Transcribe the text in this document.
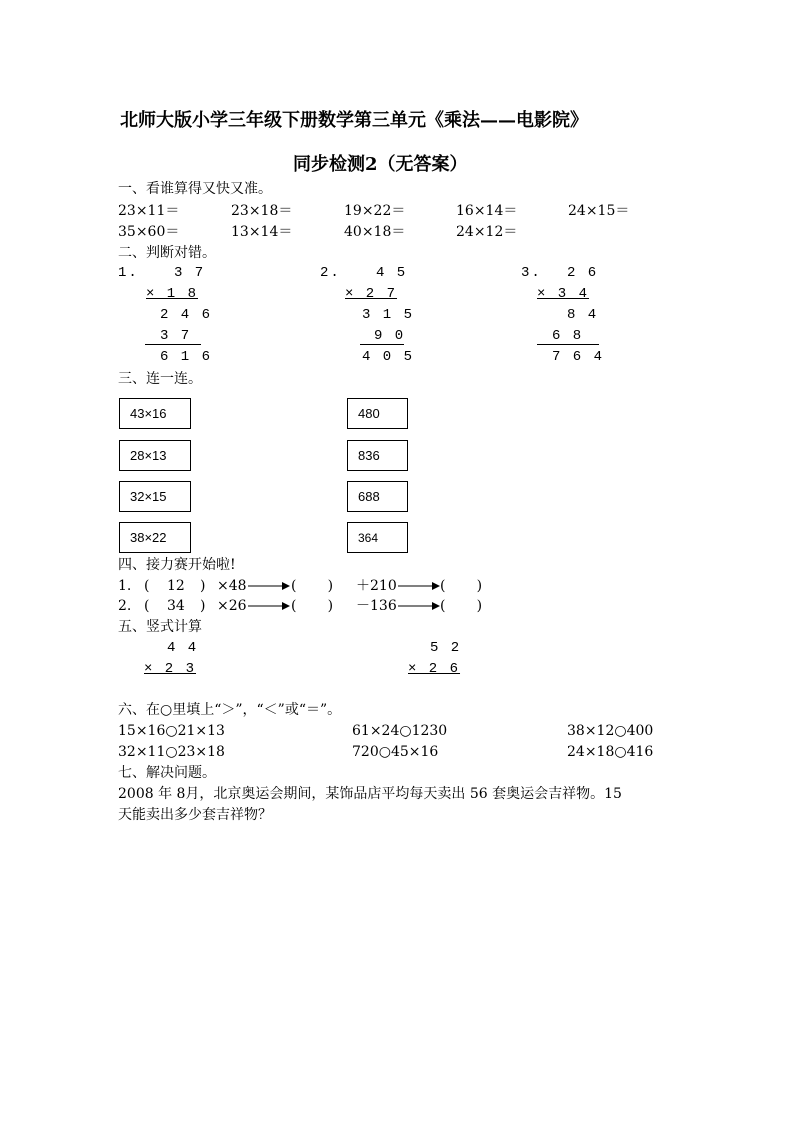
北师大版小学三年级下册数学第三单元《乘法——电影院》
同步检测2（无答案）
一、看谁算得又快又准。
23×11＝	23×18＝	19×22＝	16×14＝	24×15＝
35×60＝	13×14＝	40×18＝	24×12＝
二、判断对错。
1.	3 7
× 1 8
2 4 6
3 7
6 1 6
2.	4 5
× 2 7
3 1 5
9 0
4 0 5
3. 2 6
× 3 4
8 4
6 8
7 6 4
三、连一连。
43×16
28×13
32×15
38×22
480
836
688
364
四、接力赛开始啦!
1. ( 12 ) ×48	(       ) ＋210	(       )
2. ( 34 ) ×26	(       ) －136	(       )
五、竖式计算
4 4
× 2 3
5 2
× 2 6
六、在○里填上“＞”，“＜”或“＝”。
15×16○21×13	61×24○1230	38×12○400
32×11○23×18	720○45×16	24×18○416
七、解决问题。
2008 年 8月，北京奥运会期间，某饰品店平均每天卖出 56 套奥运会吉祥物。15
天能卖出多少套吉祥物？
